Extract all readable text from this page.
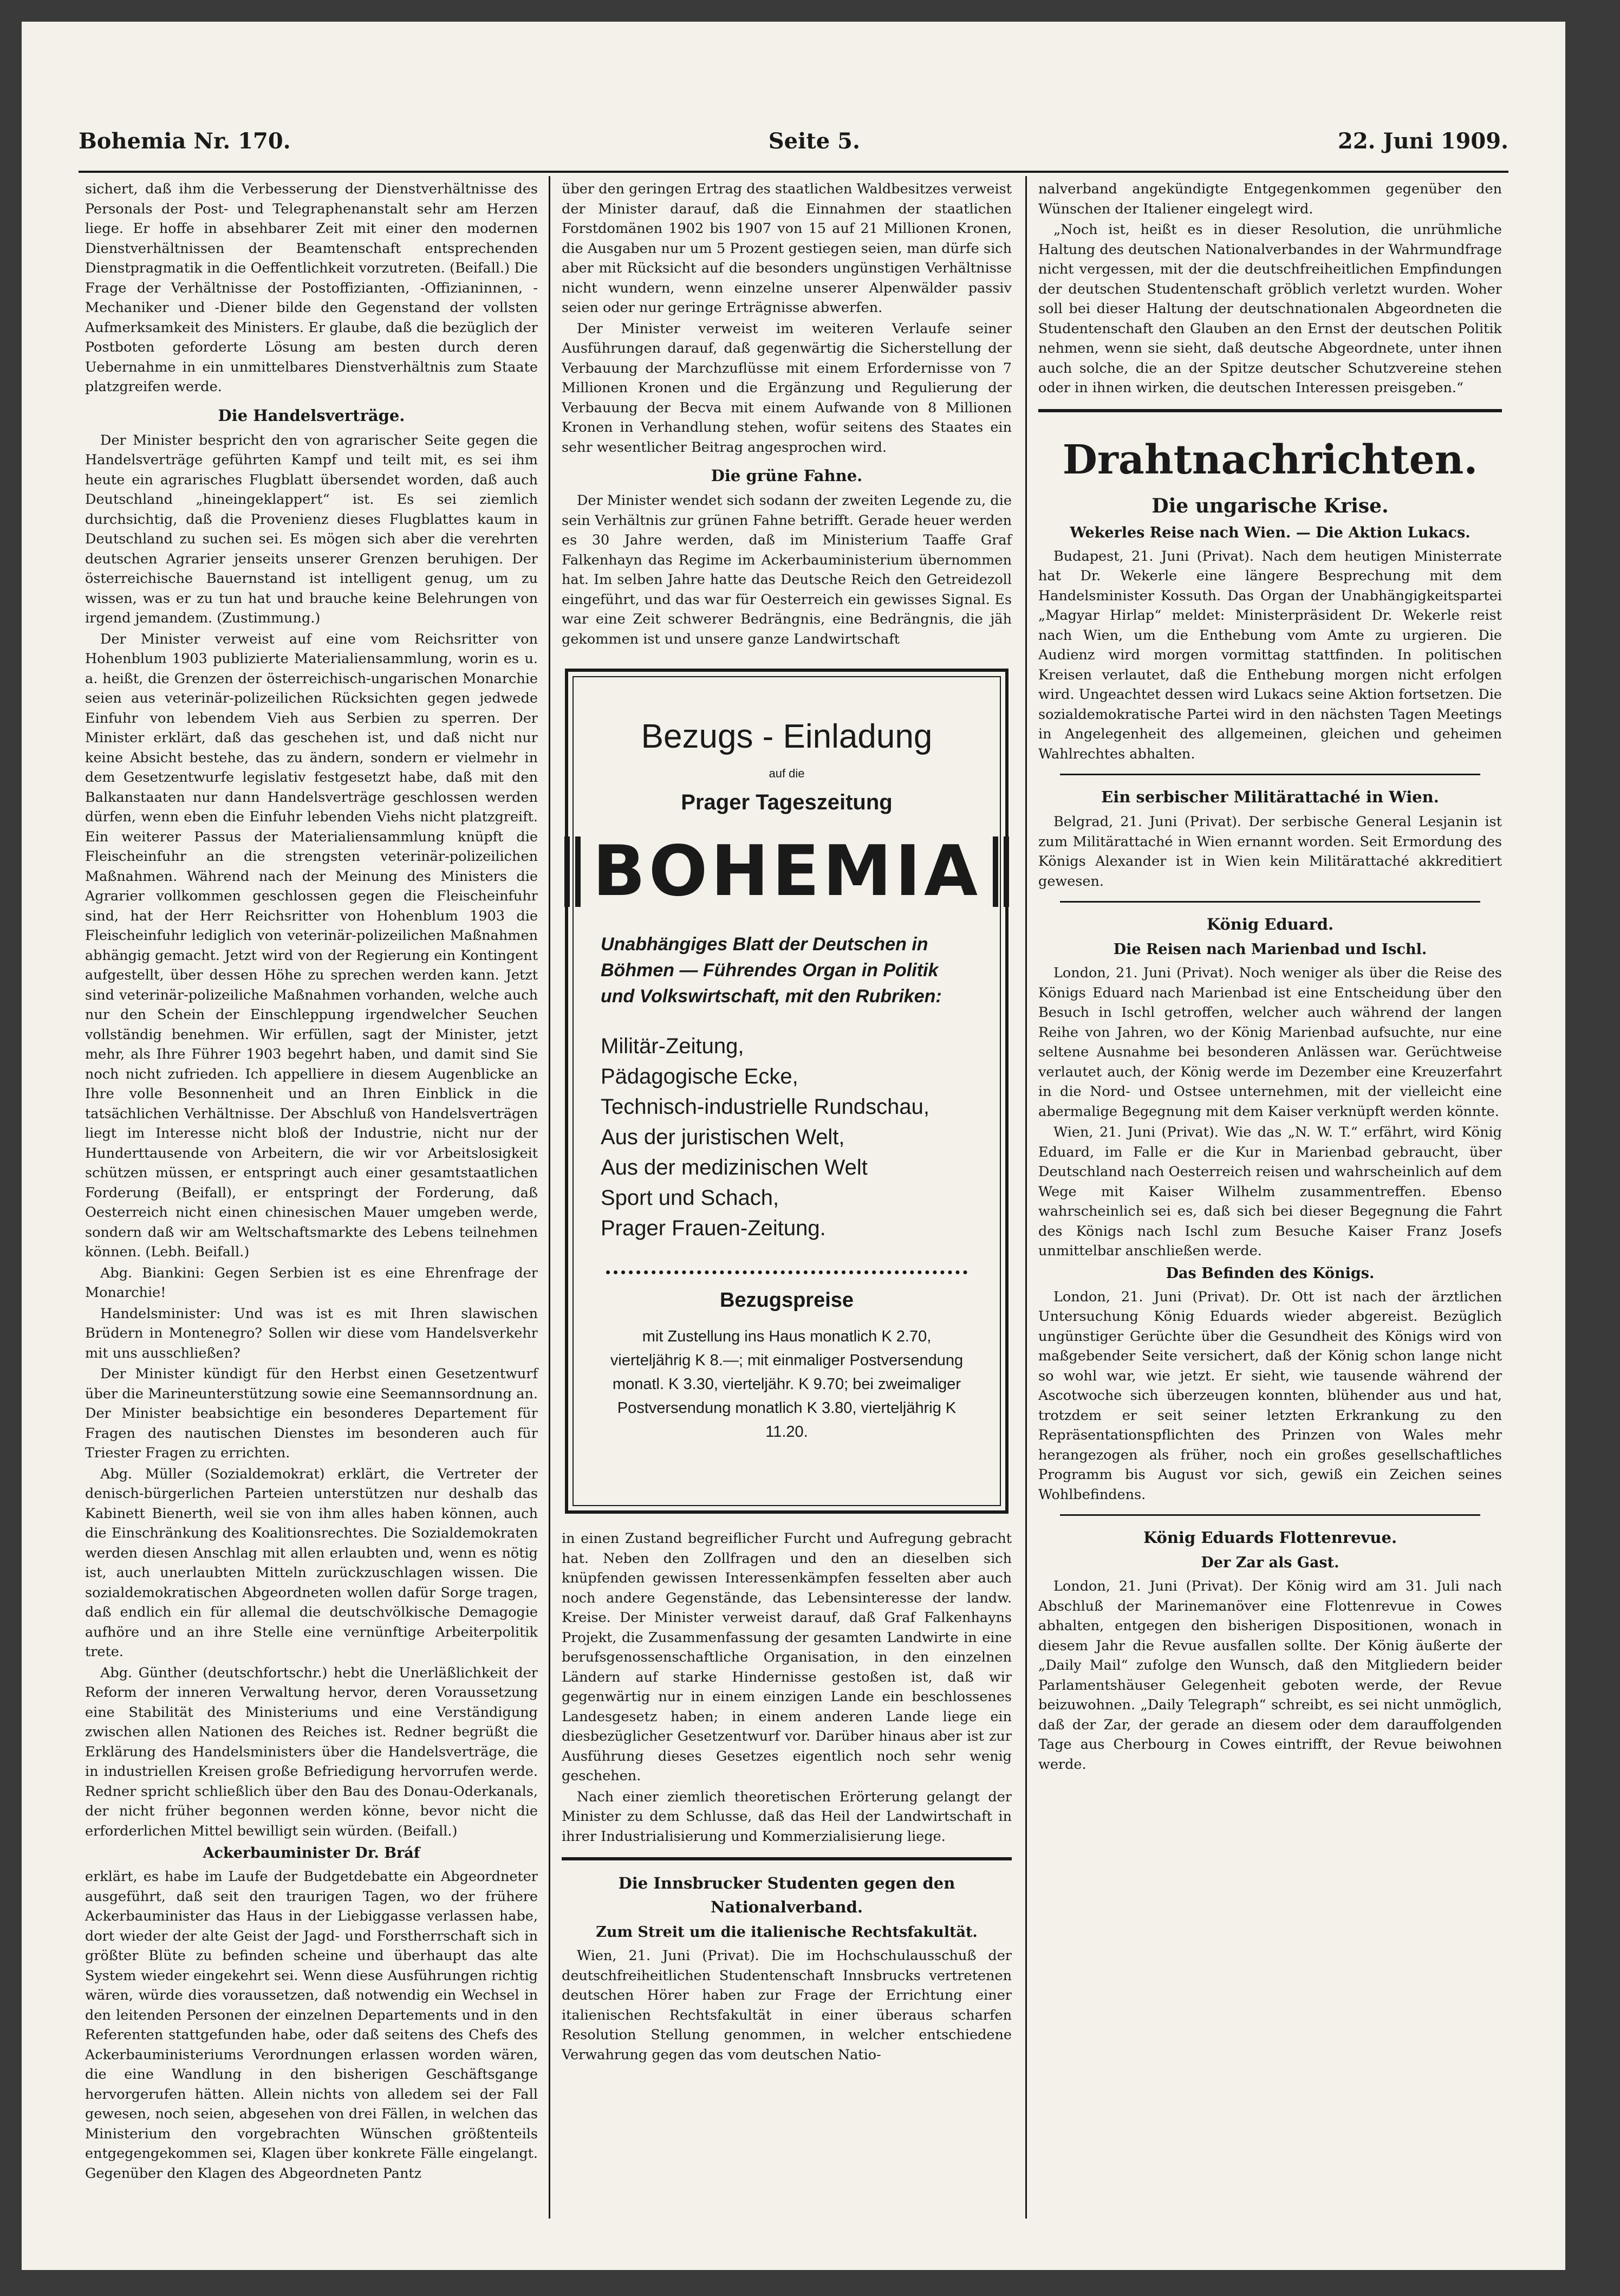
Bohemia Nr. 170.	Seite 5.	22. Juni 1909.

sichert, daß ihm die Verbesserung der Dienstverhältnisse des Personals der Post- und Telegraphenanstalt sehr am Herzen liege. Er hoffe in absehbarer Zeit mit einer den modernen Dienstverhältnissen der Beamtenschaft entsprechenden Dienstpragmatik in die Oeffentlichkeit vorzutreten. (Beifall.) Die Frage der Verhältnisse der Postoffizianten, -Offizianinnen, -Mechaniker und -Diener bilde den Gegenstand der vollsten Aufmerksamkeit des Ministers. Er glaube, daß die bezüglich der Postboten geforderte Lösung am besten durch deren Uebernahme in ein unmittelbares Dienstverhältnis zum Staate platzgreifen werde.

Die Handelsverträge.

Der Minister bespricht den von agrarischer Seite gegen die Handelsverträge geführten Kampf und teilt mit, es sei ihm heute ein agrarisches Flugblatt übersendet worden, daß auch Deutschland „hineingeklappert“ ist. Es sei ziemlich durchsichtig, daß die Provenienz dieses Flugblattes kaum in Deutschland zu suchen sei. Es mögen sich aber die verehrten deutschen Agrarier jenseits unserer Grenzen beruhigen. Der österreichische Bauernstand ist intelligent genug, um zu wissen, was er zu tun hat und brauche keine Belehrungen von irgend jemandem. (Zustimmung.)

Der Minister verweist auf eine vom Reichsritter von Hohenblum 1903 publizierte Materialiensammlung, worin es u. a. heißt, die Grenzen der österreichisch-ungarischen Monarchie seien aus veterinär-polizeilichen Rücksichten gegen jedwede Einfuhr von lebendem Vieh aus Serbien zu sperren. Der Minister erklärt, daß das geschehen ist, und daß nicht nur keine Absicht bestehe, das zu ändern, sondern er vielmehr in dem Gesetzentwurfe legislativ festgesetzt habe, daß mit den Balkanstaaten nur dann Handelsverträge geschlossen werden dürfen, wenn eben die Einfuhr lebenden Viehs nicht platzgreift. Ein weiterer Passus der Materialiensammlung knüpft die Fleischeinfuhr an die strengsten veterinär-polizeilichen Maßnahmen. Während nach der Meinung des Ministers die Agrarier vollkommen geschlossen gegen die Fleischeinfuhr sind, hat der Herr Reichsritter von Hohenblum 1903 die Fleischeinfuhr lediglich von veterinär-polizeilichen Maßnahmen abhängig gemacht. Jetzt wird von der Regierung ein Kontingent aufgestellt, über dessen Höhe zu sprechen werden kann. Jetzt sind veterinär-polizeiliche Maßnahmen vorhanden, welche auch nur den Schein der Einschleppung irgendwelcher Seuchen vollständig benehmen. Wir erfüllen, sagt der Minister, jetzt mehr, als Ihre Führer 1903 begehrt haben, und damit sind Sie noch nicht zufrieden. Ich appelliere in diesem Augenblicke an Ihre volle Besonnenheit und an Ihren Einblick in die tatsächlichen Verhältnisse. Der Abschluß von Handelsverträgen liegt im Interesse nicht bloß der Industrie, nicht nur der Hunderttausende von Arbeitern, die wir vor Arbeitslosigkeit schützen müssen, er entspringt auch einer gesamtstaatlichen Forderung (Beifall), er entspringt der Forderung, daß Oesterreich nicht einen chinesischen Mauer umgeben werde, sondern daß wir am Weltschaftsmarkte des Lebens teilnehmen können. (Lebh. Beifall.)

Abg. Biankini: Gegen Serbien ist es eine Ehrenfrage der Monarchie!

Handelsminister: Und was ist es mit Ihren slawischen Brüdern in Montenegro? Sollen wir diese vom Handelsverkehr mit uns ausschließen?

Der Minister kündigt für den Herbst einen Gesetzentwurf über die Marineunterstützung sowie eine Seemannsordnung an. Der Minister beabsichtige ein besonderes Departement für Fragen des nautischen Dienstes im besonderen auch für Triester Fragen zu errichten.

Abg. Müller (Sozialdemokrat) erklärt, die Vertreter der denisch-bürgerlichen Parteien unterstützen nur deshalb das Kabinett Bienerth, weil sie von ihm alles haben können, auch die Einschränkung des Koalitionsrechtes. Die Sozialdemokraten werden diesen Anschlag mit allen erlaubten und, wenn es nötig ist, auch unerlaubten Mitteln zurückzuschlagen wissen. Die sozialdemokratischen Abgeordneten wollen dafür Sorge tragen, daß endlich ein für allemal die deutschvölkische Demagogie aufhöre und an ihre Stelle eine vernünftige Arbeiterpolitik trete.

Abg. Günther (deutschfortschr.) hebt die Unerläßlichkeit der Reform der inneren Verwaltung hervor, deren Voraussetzung eine Stabilität des Ministeriums und eine Verständigung zwischen allen Nationen des Reiches ist. Redner begrüßt die Erklärung des Handelsministers über die Handelsverträge, die in industriellen Kreisen große Befriedigung hervorrufen werde. Redner spricht schließlich über den Bau des Donau-Oderkanals, der nicht früher begonnen werden könne, bevor nicht die erforderlichen Mittel bewilligt sein würden. (Beifall.)

Ackerbauminister Dr. Bráf

erklärt, es habe im Laufe der Budgetdebatte ein Abgeordneter ausgeführt, daß seit den traurigen Tagen, wo der frühere Ackerbauminister das Haus in der Liebiggasse verlassen habe, dort wieder der alte Geist der Jagd- und Forstherrschaft sich in größter Blüte zu befinden scheine und überhaupt das alte System wieder eingekehrt sei. Wenn diese Ausführungen richtig wären, würde dies voraussetzen, daß notwendig ein Wechsel in den leitenden Personen der einzelnen Departements und in den Referenten stattgefunden habe, oder daß seitens des Chefs des Ackerbauministeriums Verordnungen erlassen worden wären, die eine Wandlung in den bisherigen Geschäftsgange hervorgerufen hätten. Allein nichts von alledem sei der Fall gewesen, noch seien, abgesehen von drei Fällen, in welchen das Ministerium den vorgebrachten Wünschen größtenteils entgegengekommen sei, Klagen über konkrete Fälle eingelangt. Gegenüber den Klagen des Abgeordneten Pantz

über den geringen Ertrag des staatlichen Waldbesitzes verweist der Minister darauf, daß die Einnahmen der staatlichen Forstdomänen 1902 bis 1907 von 15 auf 21 Millionen Kronen, die Ausgaben nur um 5 Prozent gestiegen seien, man dürfe sich aber mit Rücksicht auf die besonders ungünstigen Verhältnisse nicht wundern, wenn einzelne unserer Alpenwälder passiv seien oder nur geringe Erträgnisse abwerfen.

Der Minister verweist im weiteren Verlaufe seiner Ausführungen darauf, daß gegenwärtig die Sicherstellung der Verbauung der Marchzuflüsse mit einem Erfordernisse von 7 Millionen Kronen und die Ergänzung und Regulierung der Verbauung der Becva mit einem Aufwande von 8 Millionen Kronen in Verhandlung stehen, wofür seitens des Staates ein sehr wesentlicher Beitrag angesprochen wird.

Die grüne Fahne.

Der Minister wendet sich sodann der zweiten Legende zu, die sein Verhältnis zur grünen Fahne betrifft. Gerade heuer werden es 30 Jahre werden, daß im Ministerium Taaffe Graf Falkenhayn das Regime im Ackerbauministerium übernommen hat. Im selben Jahre hatte das Deutsche Reich den Getreidezoll eingeführt, und das war für Oesterreich ein gewisses Signal. Es war eine Zeit schwerer Bedrängnis, eine Bedrängnis, die jäh gekommen ist und unsere ganze Landwirtschaft

Bezugs - Einladung
auf die
Prager Tageszeitung
BOHEMIA
Unabhängiges Blatt der Deutschen in Böhmen — Führendes Organ in Politik und Volkswirtschaft, mit den Rubriken:
Militär-Zeitung,
Pädagogische Ecke,
Technisch-industrielle Rundschau,
Aus der juristischen Welt,
Aus der medizinischen Welt
Sport und Schach,
Prager Frauen-Zeitung.
Bezugspreise
mit Zustellung ins Haus monatlich K 2.70, vierteljährig K 8.—; mit einmaliger Postversendung monatl. K 3.30, vierteljähr. K 9.70; bei zweimaliger Postversendung monatlich K 3.80, vierteljährig K 11.20.

in einen Zustand begreiflicher Furcht und Aufregung gebracht hat. Neben den Zollfragen und den an dieselben sich knüpfenden gewissen Interessenkämpfen fesselten aber auch noch andere Gegenstände, das Lebensinteresse der landw. Kreise. Der Minister verweist darauf, daß Graf Falkenhayns Projekt, die Zusammenfassung der gesamten Landwirte in eine berufsgenossenschaftliche Organisation, in den einzelnen Ländern auf starke Hindernisse gestoßen ist, daß wir gegenwärtig nur in einem einzigen Lande ein beschlossenes Landesgesetz haben; in einem anderen Lande liege ein diesbezüglicher Gesetzentwurf vor. Darüber hinaus aber ist zur Ausführung dieses Gesetzes eigentlich noch sehr wenig geschehen.

Nach einer ziemlich theoretischen Erörterung gelangt der Minister zu dem Schlusse, daß das Heil der Landwirtschaft in ihrer Industrialisierung und Kommerzialisierung liege.

Die Innsbrucker Studenten gegen den Nationalverband.
Zum Streit um die italienische Rechtsfakultät.

Wien, 21. Juni (Privat). Die im Hochschulausschuß der deutschfreiheitlichen Studentenschaft Innsbrucks vertretenen deutschen Hörer haben zur Frage der Errichtung einer italienischen Rechtsfakultät in einer überaus scharfen Resolution Stellung genommen, in welcher entschiedene Verwahrung gegen das vom deutschen Natio-

nalverband angekündigte Entgegenkommen gegenüber den Wünschen der Italiener eingelegt wird.

„Noch ist, heißt es in dieser Resolution, die unrühmliche Haltung des deutschen Nationalverbandes in der Wahrmundfrage nicht vergessen, mit der die deutschfreiheitlichen Empfindungen der deutschen Studentenschaft gröblich verletzt wurden. Woher soll bei dieser Haltung der deutschnationalen Abgeordneten die Studentenschaft den Glauben an den Ernst der deutschen Politik nehmen, wenn sie sieht, daß deutsche Abgeordnete, unter ihnen auch solche, die an der Spitze deutscher Schutzvereine stehen oder in ihnen wirken, die deutschen Interessen preisgeben.“

Drahtnachrichten.
Die ungarische Krise.
Wekerles Reise nach Wien. — Die Aktion Lukacs.

Budapest, 21. Juni (Privat). Nach dem heutigen Ministerrate hat Dr. Wekerle eine längere Besprechung mit dem Handelsminister Kossuth. Das Organ der Unabhängigkeitspartei „Magyar Hirlap“ meldet: Ministerpräsident Dr. Wekerle reist nach Wien, um die Enthebung vom Amte zu urgieren. Die Audienz wird morgen vormittag stattfinden. In politischen Kreisen verlautet, daß die Enthebung morgen nicht erfolgen wird. Ungeachtet dessen wird Lukacs seine Aktion fortsetzen. Die sozialdemokratische Partei wird in den nächsten Tagen Meetings in Angelegenheit des allgemeinen, gleichen und geheimen Wahlrechtes abhalten.

Ein serbischer Militärattaché in Wien.

Belgrad, 21. Juni (Privat). Der serbische General Lesjanin ist zum Militärattaché in Wien ernannt worden. Seit Ermordung des Königs Alexander ist in Wien kein Militärattaché akkreditiert gewesen.

König Eduard.
Die Reisen nach Marienbad und Ischl.

London, 21. Juni (Privat). Noch weniger als über die Reise des Königs Eduard nach Marienbad ist eine Entscheidung über den Besuch in Ischl getroffen, welcher auch während der langen Reihe von Jahren, wo der König Marienbad aufsuchte, nur eine seltene Ausnahme bei besonderen Anlässen war. Gerüchtweise verlautet auch, der König werde im Dezember eine Kreuzerfahrt in die Nord- und Ostsee unternehmen, mit der vielleicht eine abermalige Begegnung mit dem Kaiser verknüpft werden könnte.

Wien, 21. Juni (Privat). Wie das „N. W. T.“ erfährt, wird König Eduard, im Falle er die Kur in Marienbad gebraucht, über Deutschland nach Oesterreich reisen und wahrscheinlich auf dem Wege mit Kaiser Wilhelm zusammentreffen. Ebenso wahrscheinlich sei es, daß sich bei dieser Begegnung die Fahrt des Königs nach Ischl zum Besuche Kaiser Franz Josefs unmittelbar anschließen werde.

Das Befinden des Königs.

London, 21. Juni (Privat). Dr. Ott ist nach der ärztlichen Untersuchung König Eduards wieder abgereist. Bezüglich ungünstiger Gerüchte über die Gesundheit des Königs wird von maßgebender Seite versichert, daß der König schon lange nicht so wohl war, wie jetzt. Er sieht, wie tausende während der Ascotwoche sich überzeugen konnten, blühender aus und hat, trotzdem er seit seiner letzten Erkrankung zu den Repräsentationspflichten des Prinzen von Wales mehr herangezogen als früher, noch ein großes gesellschaftliches Programm bis August vor sich, gewiß ein Zeichen seines Wohlbefindens.

König Eduards Flottenrevue.
Der Zar als Gast.

London, 21. Juni (Privat). Der König wird am 31. Juli nach Abschluß der Marinemanöver eine Flottenrevue in Cowes abhalten, entgegen den bisherigen Dispositionen, wonach in diesem Jahr die Revue ausfallen sollte. Der König äußerte der „Daily Mail“ zufolge den Wunsch, daß den Mitgliedern beider Parlamentshäuser Gelegenheit geboten werde, der Revue beizuwohnen. „Daily Telegraph“ schreibt, es sei nicht unmöglich, daß der Zar, der gerade an diesem oder dem darauffolgenden Tage aus Cherbourg in Cowes eintrifft, der Revue beiwohnen werde.
